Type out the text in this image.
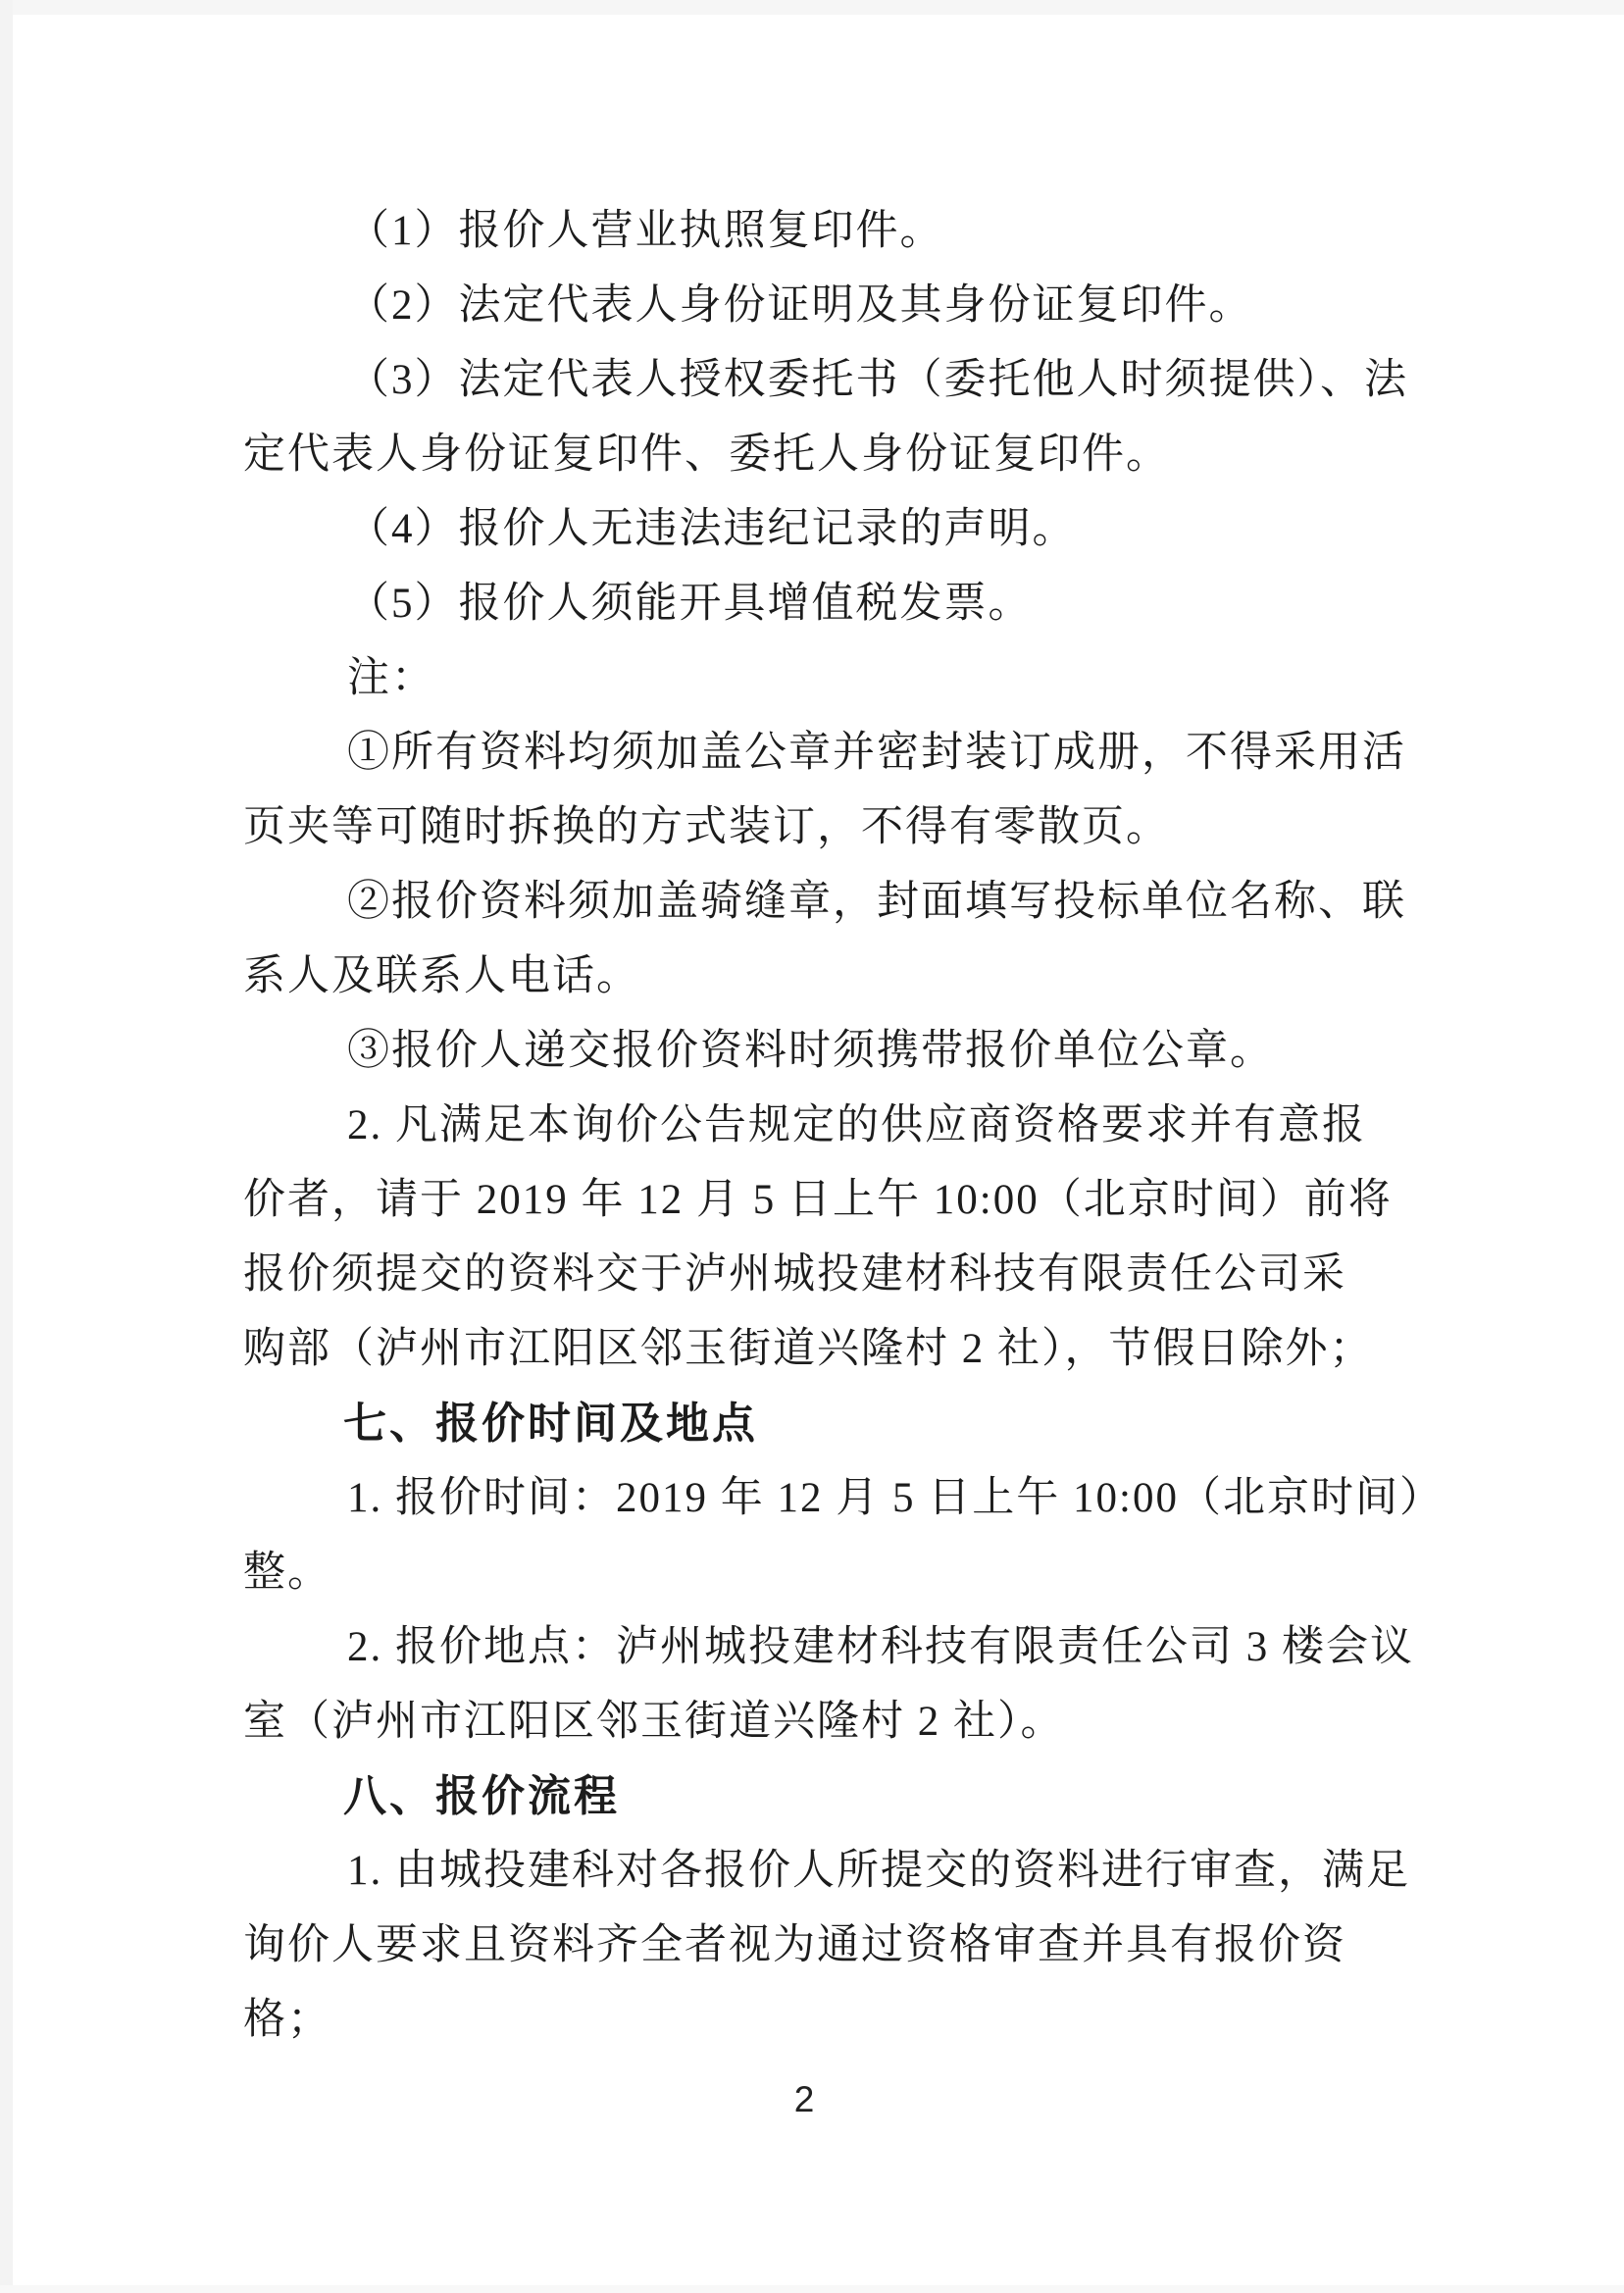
（1）报价人营业执照复印件。
（2）法定代表人身份证明及其身份证复印件。
（3）法定代表人授权委托书（委托他人时须提供）、法
定代表人身份证复印件、委托人身份证复印件。
（4）报价人无违法违纪记录的声明。
（5）报价人须能开具增值税发票。
注：
①所有资料均须加盖公章并密封装订成册，不得采用活
页夹等可随时拆换的方式装订，不得有零散页。
②报价资料须加盖骑缝章，封面填写投标单位名称、联
系人及联系人电话。
③报价人递交报价资料时须携带报价单位公章。
2. 凡满足本询价公告规定的供应商资格要求并有意报
价者，请于 2019 年 12 月 5 日上午 10:00（北京时间）前将
报价须提交的资料交于泸州城投建材科技有限责任公司采
购部（泸州市江阳区邻玉街道兴隆村 2 社），节假日除外；
七、报价时间及地点
1. 报价时间：2019 年 12 月 5 日上午 10:00（北京时间）
整。
2. 报价地点：泸州城投建材科技有限责任公司 3 楼会议
室（泸州市江阳区邻玉街道兴隆村 2 社）。
八、报价流程
1. 由城投建科对各报价人所提交的资料进行审查，满足
询价人要求且资料齐全者视为通过资格审查并具有报价资
格；
2
